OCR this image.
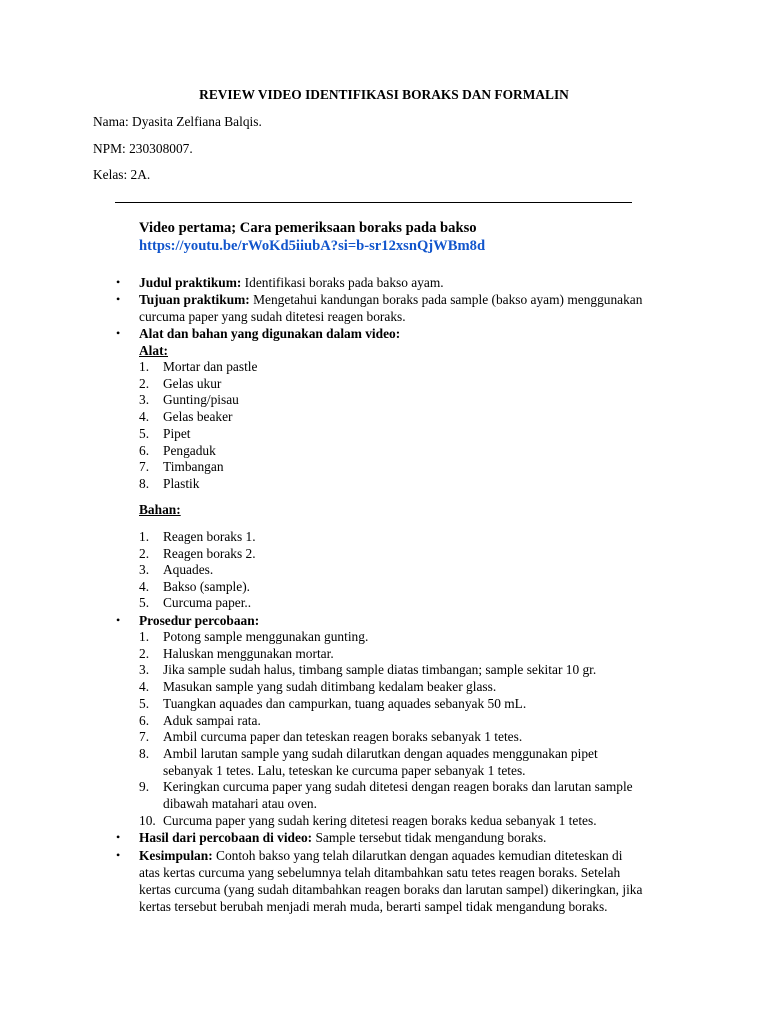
REVIEW VIDEO IDENTIFIKASI BORAKS DAN FORMALIN
Nama: Dyasita Zelfiana Balqis.
NPM: 230308007.
Kelas: 2A.
Video pertama; Cara pemeriksaan boraks pada bakso
https://youtu.be/rWoKd5iiubA?si=b-sr12xsnQjWBm8d
• Judul praktikum: Identifikasi boraks pada bakso ayam.
• Tujuan praktikum: Mengetahui kandungan boraks pada sample (bakso ayam) menggunakan
curcuma paper yang sudah ditetesi reagen boraks.
• Alat dan bahan yang digunakan dalam video:
Alat:
1. Mortar dan pastle
2. Gelas ukur
3. Gunting/pisau
4. Gelas beaker
5. Pipet
6. Pengaduk
7. Timbangan
8. Plastik
Bahan:
1. Reagen boraks 1.
2. Reagen boraks 2.
3. Aquades.
4. Bakso (sample).
5. Curcuma paper..
• Prosedur percobaan:
1. Potong sample menggunakan gunting.
2. Haluskan menggunakan mortar.
3. Jika sample sudah halus, timbang sample diatas timbangan; sample sekitar 10 gr.
4. Masukan sample yang sudah ditimbang kedalam beaker glass.
5. Tuangkan aquades dan campurkan, tuang aquades sebanyak 50 mL.
6. Aduk sampai rata.
7. Ambil curcuma paper dan teteskan reagen boraks sebanyak 1 tetes.
8. Ambil larutan sample yang sudah dilarutkan dengan aquades menggunakan pipet
sebanyak 1 tetes. Lalu, teteskan ke curcuma paper sebanyak 1 tetes.
9. Keringkan curcuma paper yang sudah ditetesi dengan reagen boraks dan larutan sample
dibawah matahari atau oven.
10. Curcuma paper yang sudah kering ditetesi reagen boraks kedua sebanyak 1 tetes.
• Hasil dari percobaan di video: Sample tersebut tidak mengandung boraks.
• Kesimpulan: Contoh bakso yang telah dilarutkan dengan aquades kemudian diteteskan di
atas kertas curcuma yang sebelumnya telah ditambahkan satu tetes reagen boraks. Setelah
kertas curcuma (yang sudah ditambahkan reagen boraks dan larutan sampel) dikeringkan, jika
kertas tersebut berubah menjadi merah muda, berarti sampel tidak mengandung boraks.
